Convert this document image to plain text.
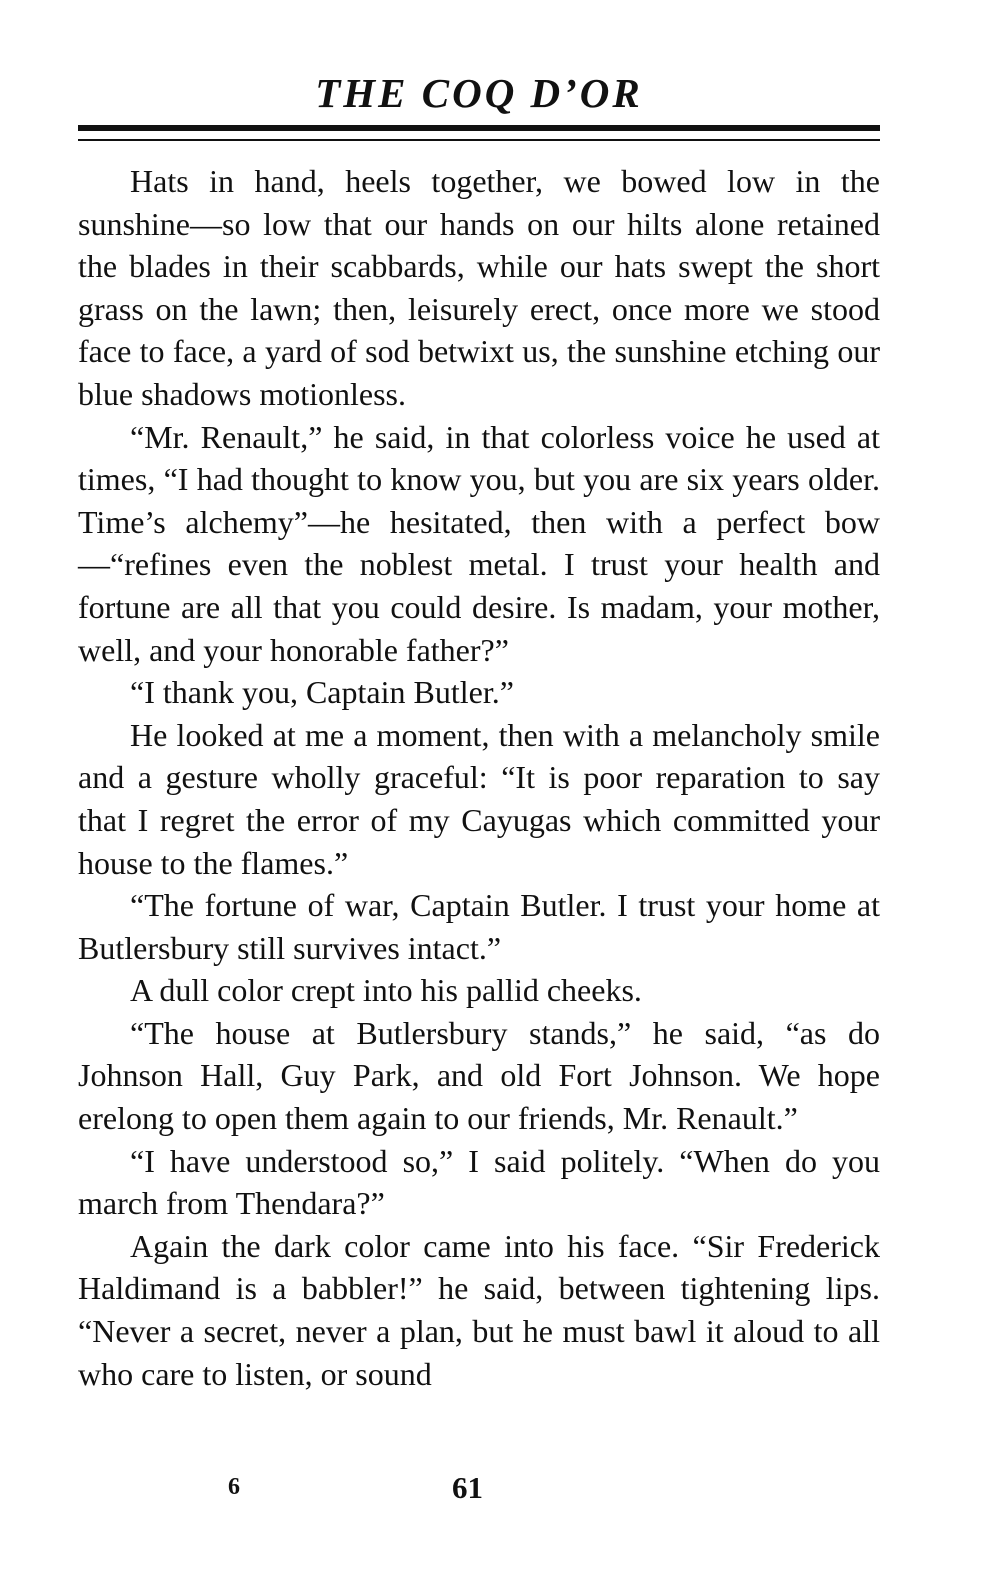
THE COQ D’OR

Hats in hand, heels together, we bowed low in the sunshine—so low that our hands on our hilts alone retained the blades in their scabbards, while our hats swept the short grass on the lawn; then, leisurely erect, once more we stood face to face, a yard of sod betwixt us, the sunshine etching our blue shadows motionless.

“Mr. Renault,” he said, in that colorless voice he used at times, “I had thought to know you, but you are six years older. Time’s alchemy”—he hesitated, then with a perfect bow—“refines even the noblest metal. I trust your health and fortune are all that you could desire. Is madam, your mother, well, and your honorable father?”

“I thank you, Captain Butler.”

He looked at me a moment, then with a melancholy smile and a gesture wholly graceful: “It is poor reparation to say that I regret the error of my Cayugas which committed your house to the flames.”

“The fortune of war, Captain Butler. I trust your home at Butlersbury still survives intact.”

A dull color crept into his pallid cheeks.

“The house at Butlersbury stands,” he said, “as do Johnson Hall, Guy Park, and old Fort Johnson. We hope erelong to open them again to our friends, Mr. Renault.”

“I have understood so,” I said politely. “When do you march from Thendara?”

Again the dark color came into his face. “Sir Frederick Haldimand is a babbler!” he said, between tightening lips. “Never a secret, never a plan, but he must bawl it aloud to all who care to listen, or sound

6	61
